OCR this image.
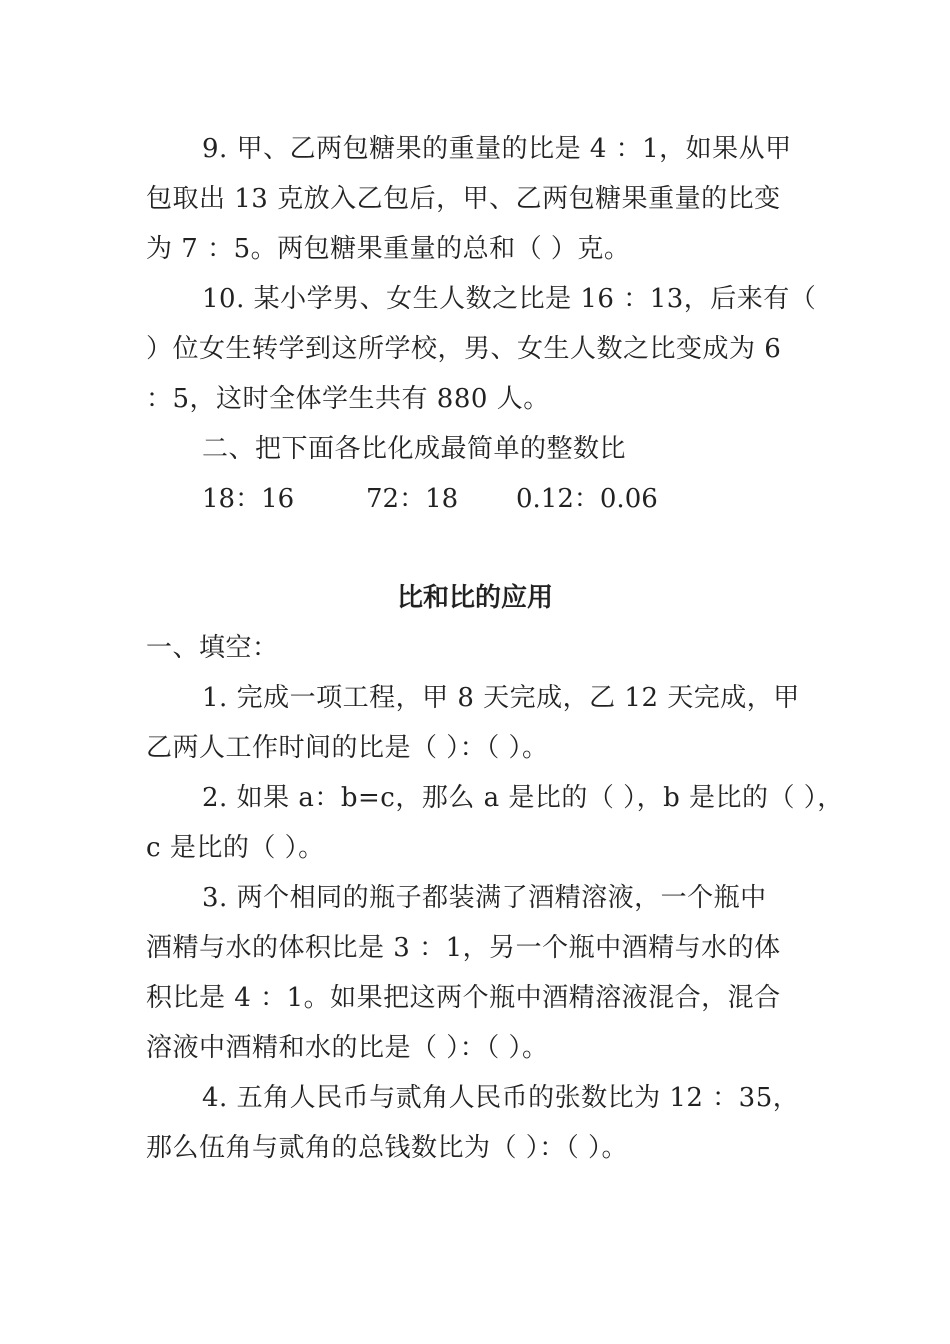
9. 甲、乙两包糖果的重量的比是 4 ：1，如果从甲
包取出 13 克放入乙包后，甲、乙两包糖果重量的比变
为 7 ：5。两包糖果重量的总和（ ）克。
10. 某小学男、女生人数之比是 16 ：13，后来有（
）位女生转学到这所学校，男、女生人数之比变成为 6
：5，这时全体学生共有 880 人。
二、把下面各比化成最简单的整数比
18：16	72：18 0.12：0.06
比和比的应用
一、填空：
1. 完成一项工程，甲 8 天完成，乙 12 天完成，甲
乙两人工作时间的比是（ ）：（ ）。
2. 如果 a：b=c，那么 a 是比的（ ），b 是比的（ ），
c 是比的（ ）。
3. 两个相同的瓶子都装满了酒精溶液，一个瓶中
酒精与水的体积比是 3 ：1，另一个瓶中酒精与水的体
积比是 4 ：1。如果把这两个瓶中酒精溶液混合，混合
溶液中酒精和水的比是（ ）：（ ）。
4. 五角人民币与贰角人民币的张数比为 12 ：35，
那么伍角与贰角的总钱数比为（ ）：（ ）。
